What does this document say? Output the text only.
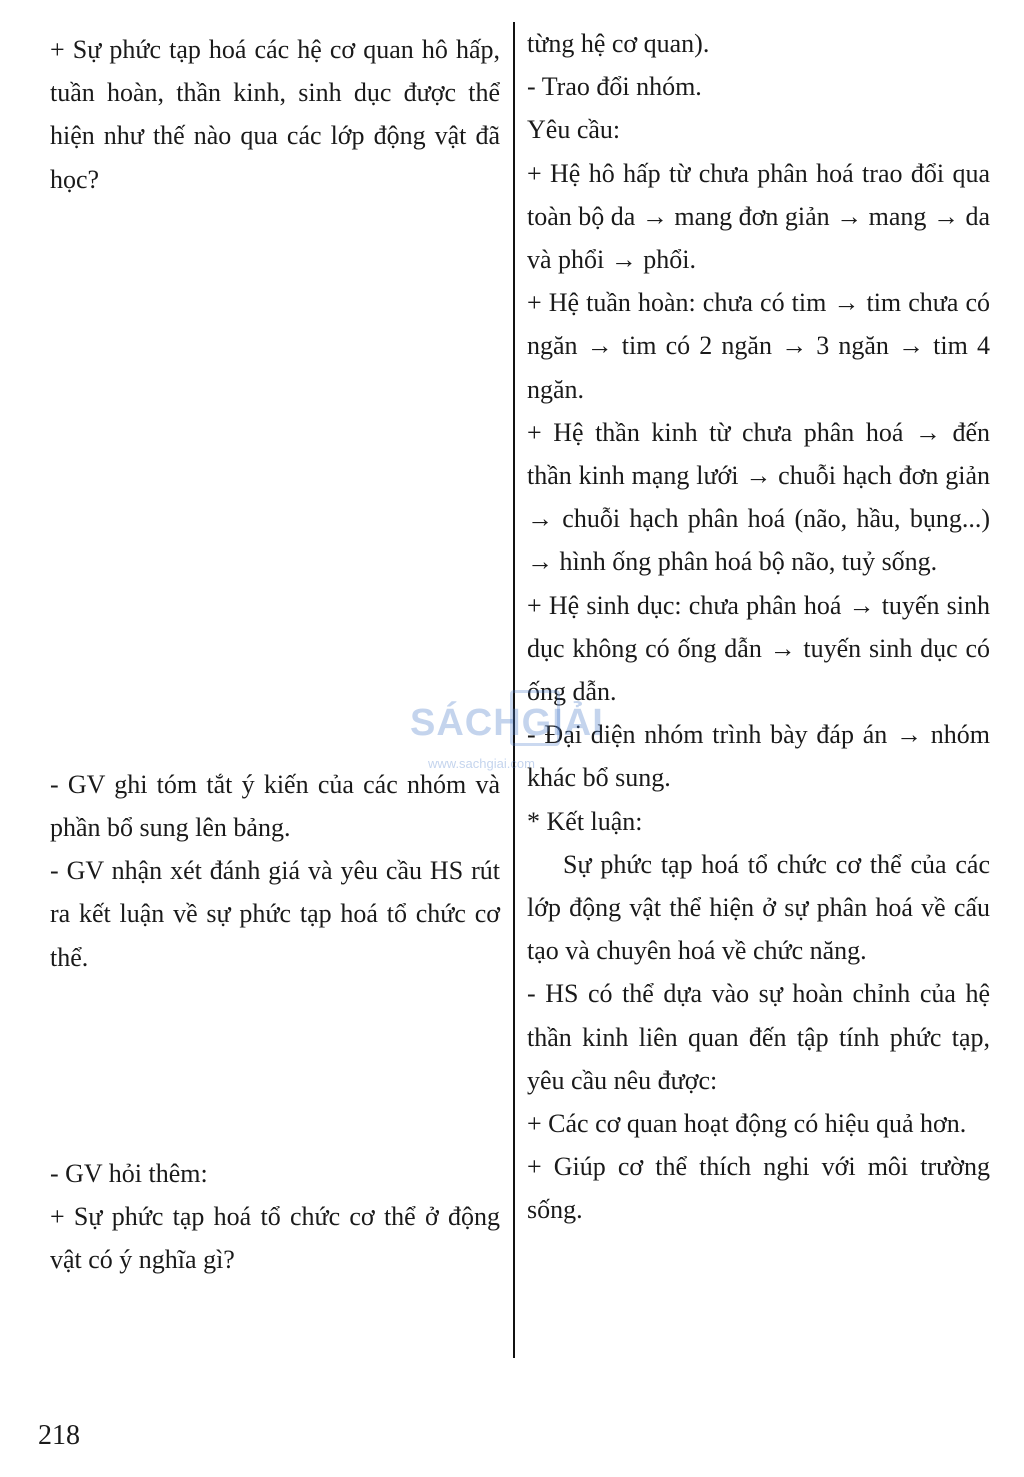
+ Sự phức tạp hoá các hệ cơ quan hô hấp, tuần hoàn, thần kinh, sinh dục được thể hiện như thế nào qua các lớp động vật đã học?

- GV ghi tóm tắt ý kiến của các nhóm và phần bổ sung lên bảng.

- GV nhận xét đánh giá và yêu cầu HS rút ra kết luận về sự phức tạp hoá tổ chức cơ thể.

- GV hỏi thêm:

+ Sự phức tạp hoá tổ chức cơ thể ở động vật có ý nghĩa gì?

từng hệ cơ quan).

- Trao đổi nhóm.

Yêu cầu:

+ Hệ hô hấp từ chưa phân hoá trao đổi qua toàn bộ da → mang đơn giản → mang → da và phổi → phổi.

+ Hệ tuần hoàn: chưa có tim → tim chưa có ngăn → tim có 2 ngăn → 3 ngăn → tim 4 ngăn.

+ Hệ thần kinh từ chưa phân hoá → đến thần kinh mạng lưới → chuỗi hạch đơn giản → chuỗi hạch phân hoá (não, hầu, bụng...) → hình ống phân hoá bộ não, tuỷ sống.

+ Hệ sinh dục: chưa phân hoá → tuyến sinh dục không có ống dẫn → tuyến sinh dục có ống dẫn.

- Đại diện nhóm trình bày đáp án → nhóm khác bổ sung.

* Kết luận:

Sự phức tạp hoá tổ chức cơ thể của các lớp động vật thể hiện ở sự phân hoá về cấu tạo và chuyên hoá về chức năng.

- HS có thể dựa vào sự hoàn chỉnh của hệ thần kinh liên quan đến tập tính phức tạp, yêu cầu nêu được:

+ Các cơ quan hoạt động có hiệu quả hơn.

+ Giúp cơ thể thích nghi với môi trường sống.

SÁCHGIẢI
www.sachgiai.com
218
